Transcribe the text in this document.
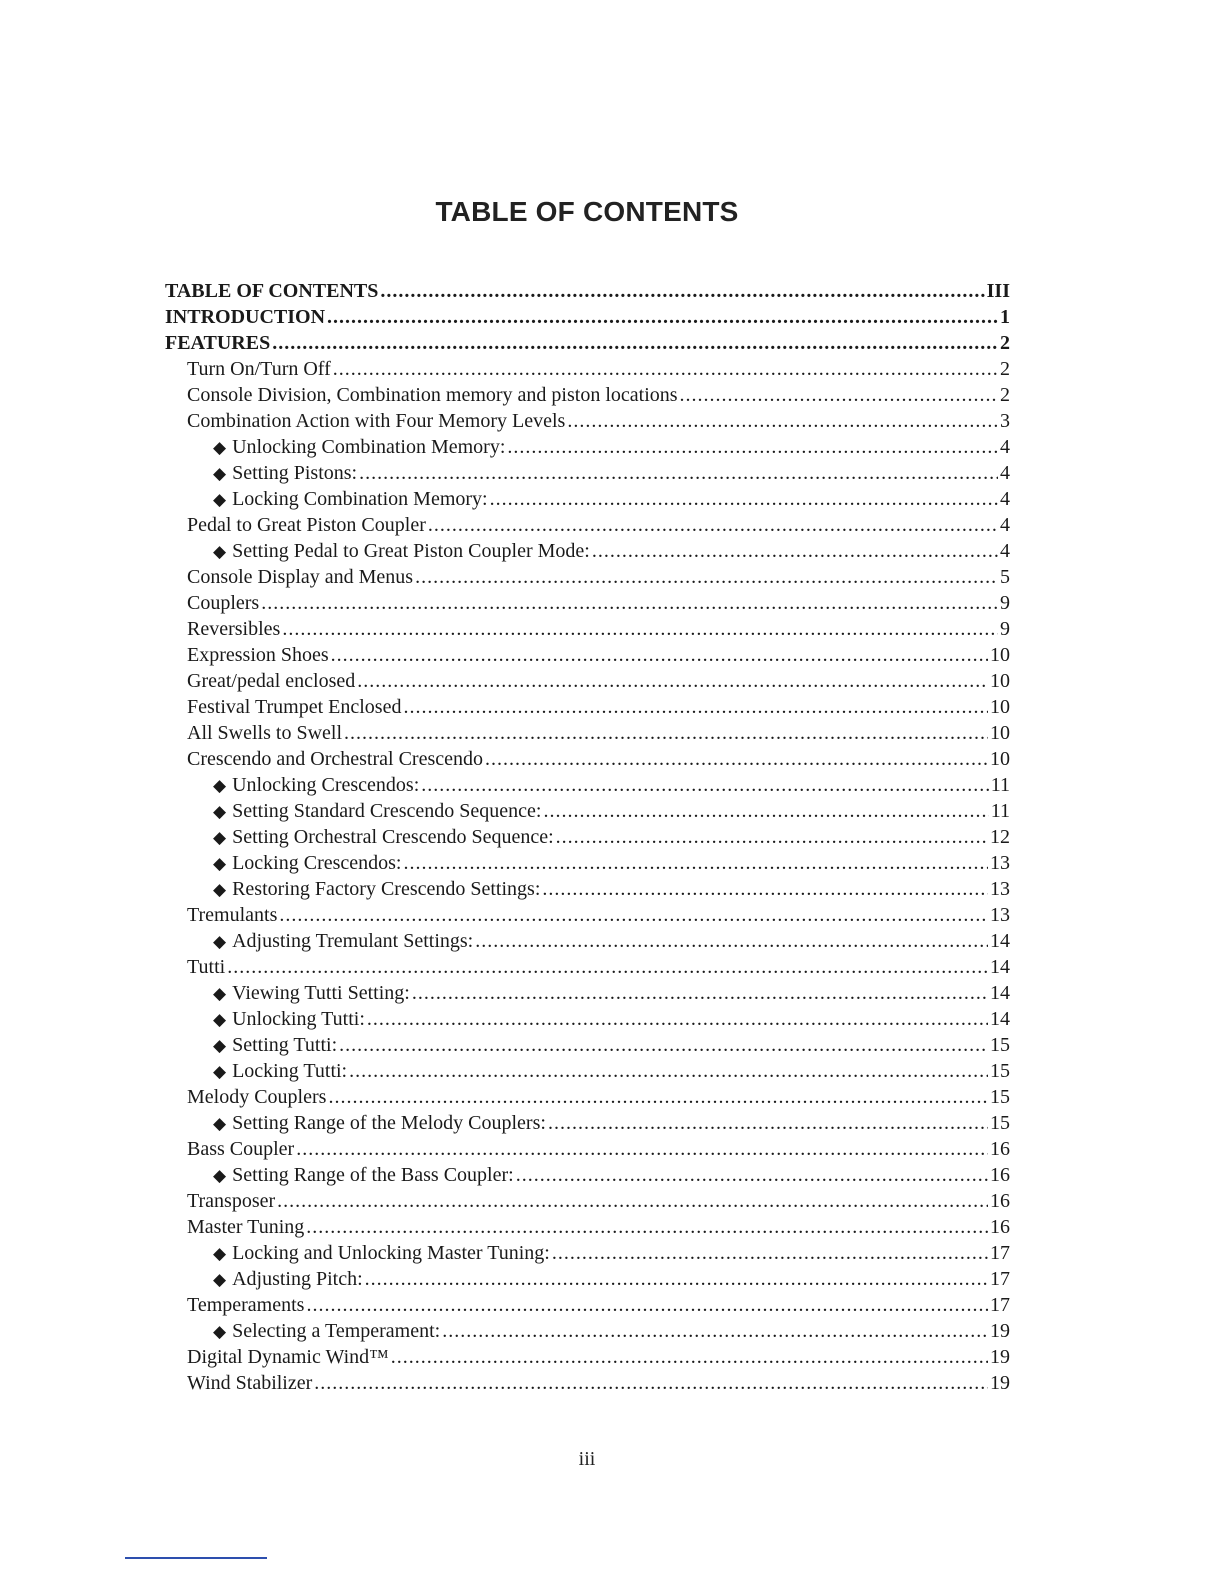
TABLE OF CONTENTS
TABLE OF CONTENTS .....	III
INTRODUCTION .....	1
FEATURES .....	2
Turn On/Turn Off .....	2
Console Division, Combination memory and piston locations .....	2
Combination Action with Four Memory Levels .....	3
◆ Unlocking Combination Memory: .....	4
◆ Setting Pistons: .....	4
◆ Locking Combination Memory: .....	4
Pedal to Great Piston Coupler .....	4
◆ Setting Pedal to Great Piston Coupler Mode: .....	4
Console Display and Menus .....	5
Couplers .....	9
Reversibles .....	9
Expression Shoes .....	10
Great/pedal enclosed .....	10
Festival Trumpet Enclosed .....	10
All Swells to Swell .....	10
Crescendo and Orchestral Crescendo .....	10
◆ Unlocking Crescendos: .....	11
◆ Setting Standard Crescendo Sequence: .....	11
◆ Setting Orchestral Crescendo Sequence: .....	12
◆ Locking Crescendos: .....	13
◆ Restoring Factory Crescendo Settings: .....	13
Tremulants .....	13
◆ Adjusting Tremulant Settings: .....	14
Tutti .....	14
◆ Viewing Tutti Setting: .....	14
◆ Unlocking Tutti: .....	14
◆ Setting Tutti: .....	15
◆ Locking Tutti: .....	15
Melody Couplers .....	15
◆ Setting Range of the Melody Couplers: .....	15
Bass Coupler .....	16
◆ Setting Range of the Bass Coupler: .....	16
Transposer .....	16
Master Tuning .....	16
◆ Locking and Unlocking Master Tuning: .....	17
◆ Adjusting Pitch: .....	17
Temperaments .....	17
◆ Selecting a Temperament: .....	19
Digital Dynamic Wind™ .....	19
Wind Stabilizer .....	19
iii
